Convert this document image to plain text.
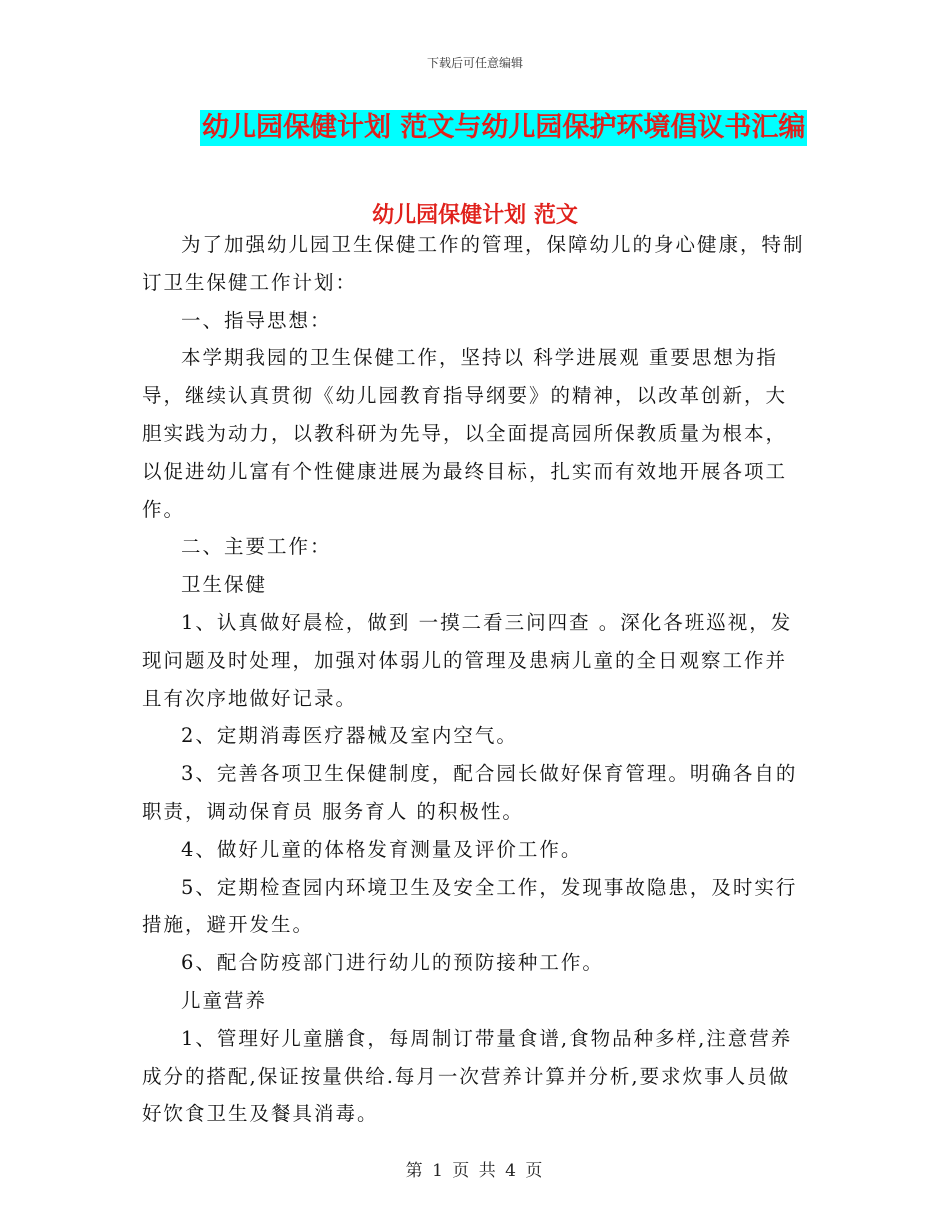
下载后可任意编辑
幼儿园保健计划 范文与幼儿园保护环境倡议书汇编
幼儿园保健计划 范文

为了加强幼儿园卫生保健工作的管理，保障幼儿的身心健康，特制订卫生保健工作计划：

一、指导思想：

本学期我园的卫生保健工作，坚持以 科学进展观 重要思想为指导，继续认真贯彻《幼儿园教育指导纲要》的精神，以改革创新，大胆实践为动力，以教科研为先导，以全面提高园所保教质量为根本，以促进幼儿富有个性健康进展为最终目标，扎实而有效地开展各项工作。

二、主要工作：

卫生保健

1、认真做好晨检，做到 一摸二看三问四查 。深化各班巡视，发现问题及时处理，加强对体弱儿的管理及患病儿童的全日观察工作并且有次序地做好记录。

2、定期消毒医疗器械及室内空气。

3、完善各项卫生保健制度，配合园长做好保育管理。明确各自的职责，调动保育员 服务育人 的积极性。

4、做好儿童的体格发育测量及评价工作。

5、定期检查园内环境卫生及安全工作，发现事故隐患，及时实行措施，避开发生。

6、配合防疫部门进行幼儿的预防接种工作。

儿童营养

1、管理好儿童膳食，每周制订带量食谱,食物品种多样,注意营养成分的搭配,保证按量供给.每月一次营养计算并分析,要求炊事人员做好饮食卫生及餐具消毒。

第 1 页 共 4 页
